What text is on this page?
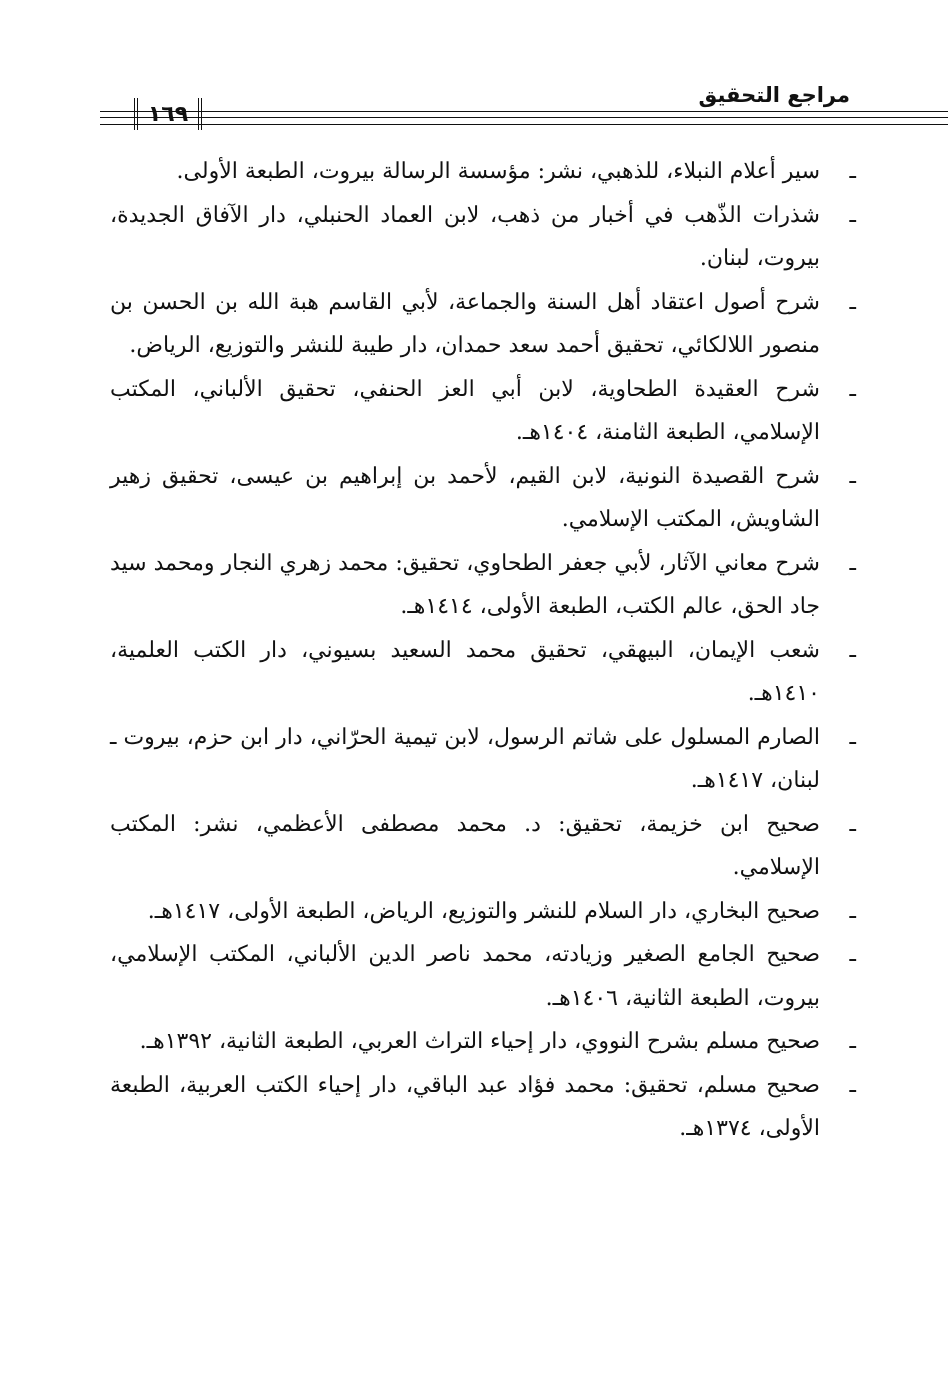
مراجع التحقيق
١٦٩
ـ
سير أعلام النبلاء، للذهبي، نشر: مؤسسة الرسالة بيروت، الطبعة الأولى.
ـ
شذرات الذّهب في أخبار من ذهب، لابن العماد الحنبلي، دار الآفاق الجديدة، بيروت، لبنان.
ـ
شرح أصول اعتقاد أهل السنة والجماعة، لأبي القاسم هبة الله بن الحسن بن منصور اللالكائي، تحقيق أحمد سعد حمدان، دار طيبة للنشر والتوزيع، الرياض.
ـ
شرح العقيدة الطحاوية، لابن أبي العز الحنفي، تحقيق الألباني، المكتب الإسلامي، الطبعة الثامنة، ١٤٠٤هـ.
ـ
شرح القصيدة النونية، لابن القيم، لأحمد بن إبراهيم بن عيسى، تحقيق زهير الشاويش، المكتب الإسلامي.
ـ
شرح معاني الآثار، لأبي جعفر الطحاوي، تحقيق: محمد زهري النجار ومحمد سيد جاد الحق، عالم الكتب، الطبعة الأولى، ١٤١٤هـ.
ـ
شعب الإيمان، البيهقي، تحقيق محمد السعيد بسيوني، دار الكتب العلمية، ١٤١٠هـ.
ـ
الصارم المسلول على شاتم الرسول، لابن تيمية الحرّاني، دار ابن حزم، بيروت ـ لبنان، ١٤١٧هـ.
ـ
صحيح ابن خزيمة، تحقيق: د. محمد مصطفى الأعظمي، نشر: المكتب الإسلامي.
ـ
صحيح البخاري، دار السلام للنشر والتوزيع، الرياض، الطبعة الأولى، ١٤١٧هـ.
ـ
صحيح الجامع الصغير وزيادته، محمد ناصر الدين الألباني، المكتب الإسلامي، بيروت، الطبعة الثانية، ١٤٠٦هـ.
ـ
صحيح مسلم بشرح النووي، دار إحياء التراث العربي، الطبعة الثانية، ١٣٩٢هـ.
ـ
صحيح مسلم، تحقيق: محمد فؤاد عبد الباقي، دار إحياء الكتب العربية، الطبعة الأولى، ١٣٧٤هـ.
